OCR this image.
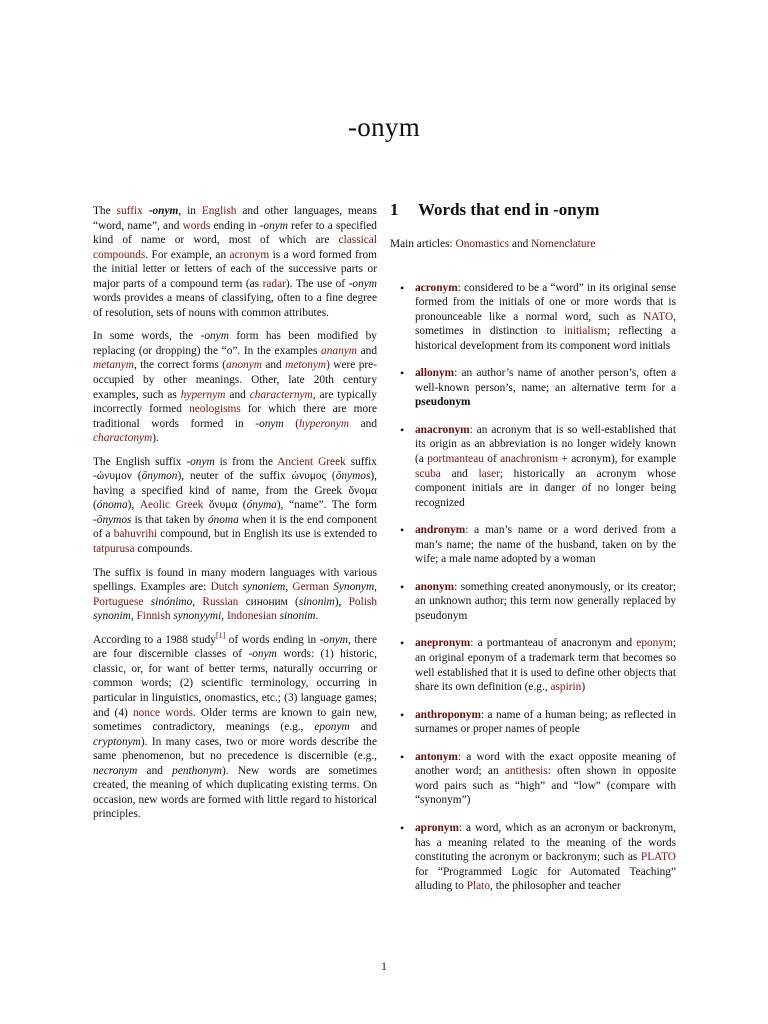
-onym

The suffix -onym, in English and other languages, means “word, name”, and words ending in -onym refer to a specified kind of name or word, most of which are classical compounds. For example, an acronym is a word formed from the initial letter or letters of each of the successive parts or major parts of a compound term (as radar). The use of -onym words provides a means of classifying, often to a fine degree of resolution, sets of nouns with common attributes.

In some words, the -onym form has been modified by replacing (or dropping) the “o”. In the examples ananym and metanym, the correct forms (anonym and metonym) were pre-occupied by other meanings. Other, late 20th century examples, such as hypernym and characternym, are typically incorrectly formed neologisms for which there are more traditional words formed in -onym (hyperonym and charactonym).

The English suffix -onym is from the Ancient Greek suffix -ώνυμον (ōnymon), neuter of the suffix ώνυμος (ōnymos), having a specified kind of name, from the Greek ὄνομα (ónoma), Aeolic Greek ὄνυμα (ónyma), “name”. The form -ōnymos is that taken by ónoma when it is the end component of a bahuvrihi compound, but in English its use is extended to tatpurusa compounds.

The suffix is found in many modern languages with various spellings. Examples are: Dutch synoniem, German Synonym, Portuguese sinónimo, Russian синоним (sinonim), Polish synonim, Finnish synonyymi, Indonesian sinonim.

According to a 1988 study[1] of words ending in -onym, there are four discernible classes of -onym words: (1) historic, classic, or, for want of better terms, naturally occurring or common words; (2) scientific terminology, occurring in particular in linguistics, onomastics, etc.; (3) language games; and (4) nonce words. Older terms are known to gain new, sometimes contradictory, meanings (e.g., eponym and cryptonym). In many cases, two or more words describe the same phenomenon, but no precedence is discernible (e.g., necronym and penthonym). New words are sometimes created, the meaning of which duplicating existing terms. On occasion, new words are formed with little regard to historical principles.

1	Words that end in -onym
Main articles: Onomastics and Nomenclature
• acronym: considered to be a “word” in its original sense formed from the initials of one or more words that is pronounceable like a normal word, such as NATO, sometimes in distinction to initialism; reflecting a historical development from its component word initials
• allonym: an author’s name of another person’s, often a well-known person’s, name; an alternative term for a pseudonym
• anacronym: an acronym that is so well-established that its origin as an abbreviation is no longer widely known (a portmanteau of anachronism + acronym), for example scuba and laser; historically an acronym whose component initials are in danger of no longer being recognized
• andronym: a man’s name or a word derived from a man’s name; the name of the husband, taken on by the wife; a male name adopted by a woman
• anonym: something created anonymously, or its creator; an unknown author; this term now generally replaced by pseudonym
• anepronym: a portmanteau of anacronym and eponym; an original eponym of a trademark term that becomes so well established that it is used to define other objects that share its own definition (e.g., aspirin)
• anthroponym: a name of a human being; as reflected in surnames or proper names of people
• antonym: a word with the exact opposite meaning of another word; an antithesis: often shown in opposite word pairs such as “high” and “low” (compare with “synonym”)
• apronym: a word, which as an acronym or backronym, has a meaning related to the meaning of the words constituting the acronym or backronym; such as PLATO for “Programmed Logic for Automated Teaching” alluding to Plato, the philosopher and teacher
1
